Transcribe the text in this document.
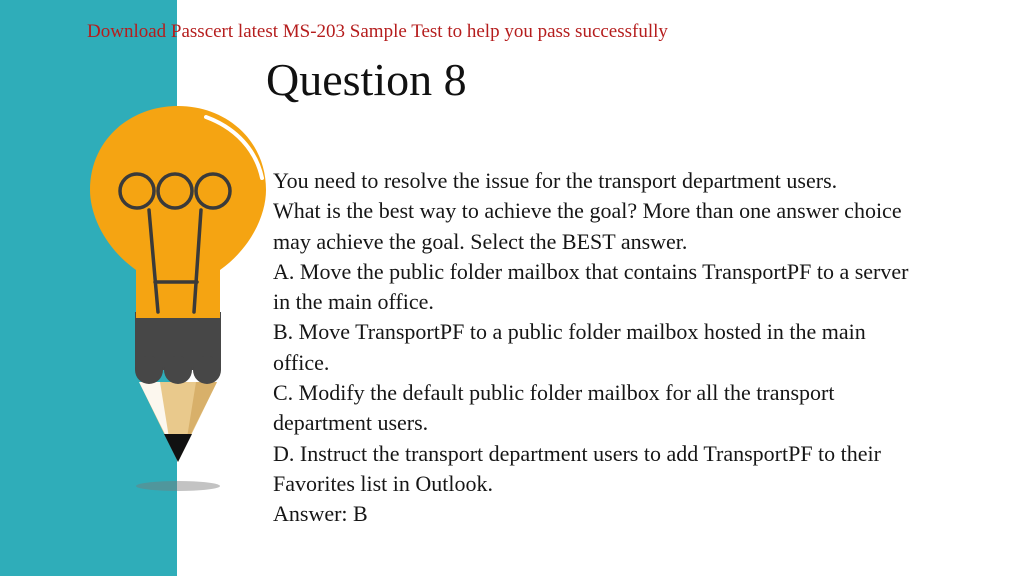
Download Passcert latest MS-203 Sample Test to help you pass successfully
Question 8
You need to resolve the issue for the transport department users.
What is the best way to achieve the goal? More than one answer choice
may achieve the goal. Select the BEST answer.
A. Move the public folder mailbox that contains TransportPF to a server
in the main office.
B. Move TransportPF to a public folder mailbox hosted in the main
office.
C. Modify the default public folder mailbox for all the transport
department users.
D. Instruct the transport department users to add TransportPF to their
Favorites list in Outlook.
Answer: B
